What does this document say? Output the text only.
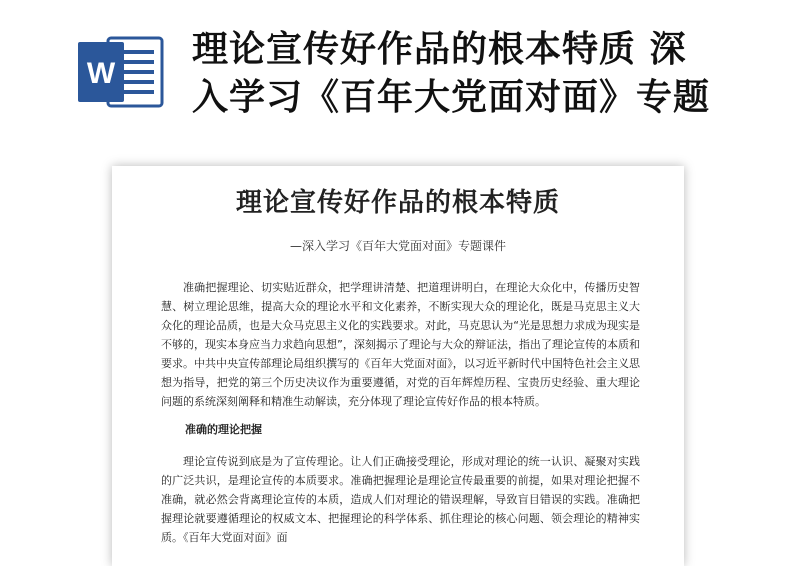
W
理论宣传好作品的根本特质 深
入学习《百年大党面对面》专题
理论宣传好作品的根本特质
—深入学习《百年大党面对面》专题课件

准确把握理论、切实贴近群众，把学理讲清楚、把道理讲明白，在理论大众化中，传播历史智慧、树立理论思维，提高大众的理论水平和文化素养，不断实现大众的理论化，既是马克思主义大众化的理论品质，也是大众马克思主义化的实践要求。对此，马克思认为“光是思想力求成为现实是不够的，现实本身应当力求趋向思想”，深刻揭示了理论与大众的辩证法，指出了理论宣传的本质和要求。中共中央宣传部理论局组织撰写的《百年大党面对面》，以习近平新时代中国特色社会主义思想为指导，把党的第三个历史决议作为重要遵循，对党的百年辉煌历程、宝贵历史经验、重大理论问题的系统深刻阐释和精准生动解读，充分体现了理论宣传好作品的根本特质。

准确的理论把握

理论宣传说到底是为了宣传理论。让人们正确接受理论，形成对理论的统一认识、凝聚对实践的广泛共识，是理论宣传的本质要求。准确把握理论是理论宣传最重要的前提，如果对理论把握不准确，就必然会背离理论宣传的本质，造成人们对理论的错误理解，导致盲目错误的实践。准确把握理论就要遵循理论的权威文本、把握理论的科学体系、抓住理论的核心问题、领会理论的精神实质。《百年大党面对面》面
